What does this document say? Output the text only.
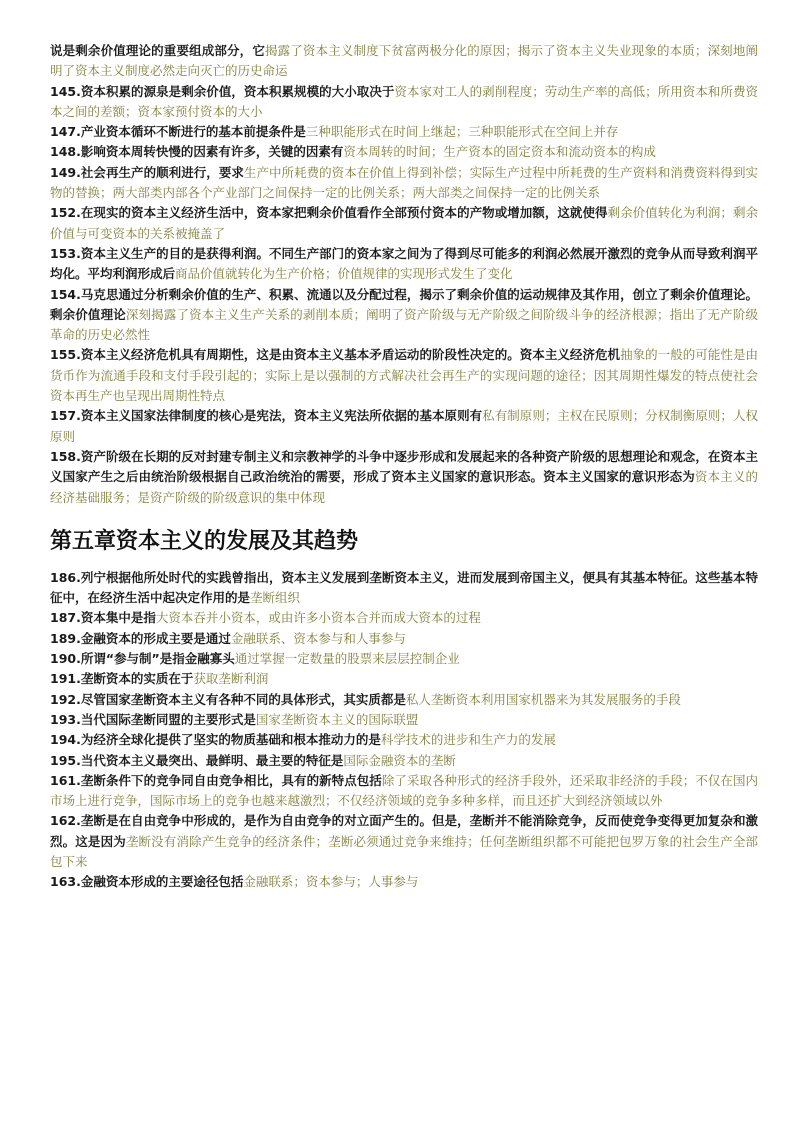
说是剩余价值理论的重要组成部分，它揭露了资本主义制度下贫富两极分化的原因；揭示了资本主义失业现象的本质；深刻地阐明了资本主义制度必然走向灭亡的历史命运

145.资本积累的源泉是剩余价值，资本积累规模的大小取决于资本家对工人的剥削程度；劳动生产率的高低；所用资本和所费资本之间的差额；资本家预付资本的大小

147.产业资本循环不断进行的基本前提条件是三种职能形式在时间上继起；三种职能形式在空间上并存

148.影响资本周转快慢的因素有许多，关键的因素有资本周转的时间；生产资本的固定资本和流动资本的构成

149.社会再生产的顺利进行，要求生产中所耗费的资本在价值上得到补偿；实际生产过程中所耗费的生产资料和消费资料得到实物的替换；两大部类内部各个产业部门之间保持一定的比例关系；两大部类之间保持一定的比例关系

152.在现实的资本主义经济生活中，资本家把剩余价值看作全部预付资本的产物或增加额，这就使得剩余价值转化为利润；剩余价值与可变资本的关系被掩盖了

153.资本主义生产的目的是获得利润。不同生产部门的资本家之间为了得到尽可能多的利润必然展开激烈的竞争从而导致利润平均化。平均利润形成后商品价值就转化为生产价格；价值规律的实现形式发生了变化

154.马克思通过分析剩余价值的生产、积累、流通以及分配过程，揭示了剩余价值的运动规律及其作用，创立了剩余价值理论。剩余价值理论深刻揭露了资本主义生产关系的剥削本质；阐明了资产阶级与无产阶级之间阶级斗争的经济根源；指出了无产阶级革命的历史必然性

155.资本主义经济危机具有周期性，这是由资本主义基本矛盾运动的阶段性决定的。资本主义经济危机抽象的一般的可能性是由货币作为流通手段和支付手段引起的；实际上是以强制的方式解决社会再生产的实现问题的途径；因其周期性爆发的特点使社会资本再生产也呈现出周期性特点

157.资本主义国家法律制度的核心是宪法，资本主义宪法所依据的基本原则有私有制原则；主权在民原则；分权制衡原则；人权原则

158.资产阶级在长期的反对封建专制主义和宗教神学的斗争中逐步形成和发展起来的各种资产阶级的思想理论和观念，在资本主义国家产生之后由统治阶级根据自己政治统治的需要，形成了资本主义国家的意识形态。资本主义国家的意识形态为资本主义的经济基础服务；是资产阶级的阶级意识的集中体现

第五章资本主义的发展及其趋势

186.列宁根据他所处时代的实践曾指出，资本主义发展到垄断资本主义，进而发展到帝国主义，便具有其基本特征。这些基本特征中，在经济生活中起决定作用的是垄断组织

187.资本集中是指大资本吞并小资本，或由许多小资本合并而成大资本的过程

189.金融资本的形成主要是通过金融联系、资本参与和人事参与

190.所谓“参与制”是指金融寡头通过掌握一定数量的股票来层层控制企业

191.垄断资本的实质在于获取垄断利润

192.尽管国家垄断资本主义有各种不同的具体形式，其实质都是私人垄断资本利用国家机器来为其发展服务的手段

193.当代国际垄断同盟的主要形式是国家垄断资本主义的国际联盟

194.为经济全球化提供了坚实的物质基础和根本推动力的是科学技术的进步和生产力的发展

195.当代资本主义最突出、最鲜明、最主要的特征是国际金融资本的垄断

161.垄断条件下的竞争同自由竞争相比，具有的新特点包括除了采取各种形式的经济手段外，还采取非经济的手段；不仅在国内市场上进行竞争，国际市场上的竞争也越来越激烈；不仅经济领域的竞争多种多样，而且还扩大到经济领域以外

162.垄断是在自由竞争中形成的，是作为自由竞争的对立面产生的。但是，垄断并不能消除竞争，反而使竞争变得更加复杂和激烈。这是因为垄断没有消除产生竞争的经济条件；垄断必须通过竞争来维持；任何垄断组织都不可能把包罗万象的社会生产全部包下来

163.金融资本形成的主要途径包括金融联系；资本参与；人事参与
